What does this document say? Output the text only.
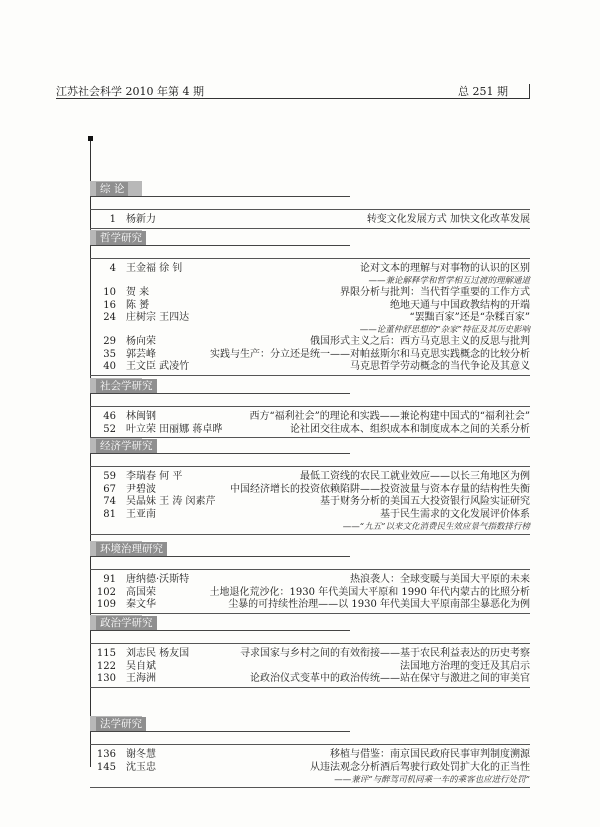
江苏社会科学 2010 年第 4 期	总 251 期
综 论
1 杨新力	转变文化发展方式 加快文化改革发展
哲学研究
4 王金福 徐 钊	论对文本的理解与对事物的认识的区别
——兼论解释学和哲学相互过渡的理解通道
10 贺 来	界限分析与批判：当代哲学重要的工作方式
16 陈 赟	绝地天通与中国政教结构的开端
24 庄树宗 王四达	“罢黜百家”还是“杂糅百家”
——论董仲舒思想的“杂家”特征及其历史影响
29 杨向荣	俄国形式主义之后：西方马克思主义的反思与批判
35 郭芸峰	实践与生产：分立还是统一——对帕兹斯尔和马克思实践概念的比较分析
40 王文臣 武凌竹	马克思哲学劳动概念的当代争论及其意义
社会学研究
46 林闽钢	西方“福利社会”的理论和实践——兼论构建中国式的“福利社会”
52 叶立荣 田丽娜 蒋卓晔	论社团交往成本、组织成本和制度成本之间的关系分析
经济学研究
59 李瑞春 何 平	最低工资线的农民工就业效应——以长三角地区为例
67 尹碧波	中国经济增长的投资依赖陷阱——投资波量与资本存量的结构性失衡
74 吴晶妹 王 涛 闵素芹	基于财务分析的美国五大投资银行风险实证研究
81 王亚南	基于民生需求的文化发展评价体系
——“九五”以来文化消费民生效应景气指数排行榜
环境治理研究
91 唐纳德·沃斯特	热浪袭人：全球变暖与美国大平原的未来
102 高国荣	土地退化荒沙化：1930 年代美国大平原和 1990 年代内蒙古的比照分析
109 秦文华	尘暴的可持续性治理——以 1930 年代美国大平原南部尘暴恶化为例
政治学研究
115 刘志民 杨友国	寻求国家与乡村之间的有效衔接——基于农民利益表达的历史考察
122 吴自斌	法国地方治理的变迁及其启示
130 王海洲	论政治仪式变革中的政治传统——站在保守与激进之间的审美官
法学研究
136 谢冬慧	移植与借鉴：南京国民政府民事审判制度溯源
145 沈玉忠	从违法观念分析酒后驾驶行政处罚扩大化的正当性
——兼评“与醉驾司机同乘一车的乘客也应进行处罚”
